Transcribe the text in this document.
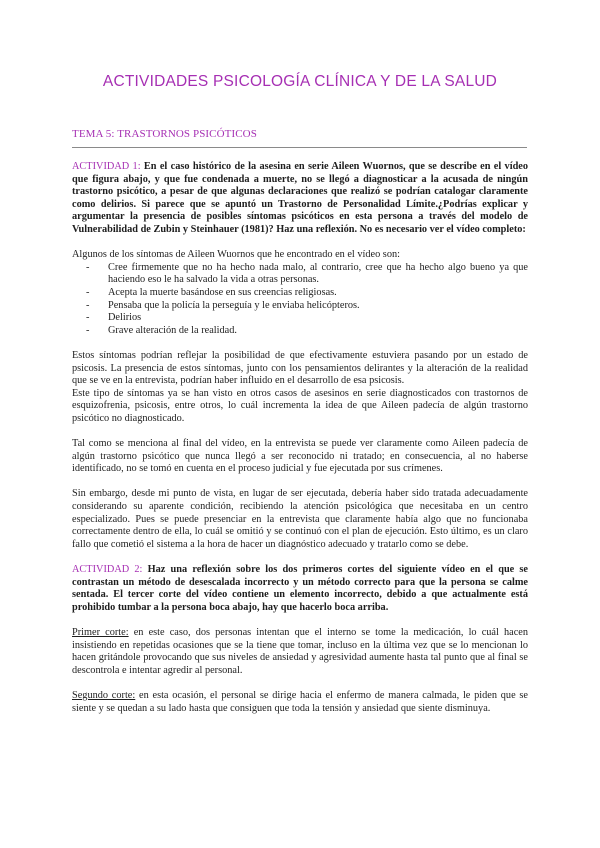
ACTIVIDADES PSICOLOGÍA CLÍNICA Y DE LA SALUD
TEMA 5: TRASTORNOS PSICÓTICOS

ACTIVIDAD 1: En el caso histórico de la asesina en serie Aileen Wuornos, que se describe en el vídeo que figura abajo, y que fue condenada a muerte, no se llegó a diagnosticar a la acusada de ningún trastorno psicótico, a pesar de que algunas declaraciones que realizó se podrían catalogar claramente como delirios. Si parece que se apuntó un Trastorno de Personalidad Límite.¿Podrías explicar y argumentar la presencia de posibles síntomas psicóticos en esta persona a través del modelo de Vulnerabilidad de Zubin y Steinhauer (1981)? Haz una reflexión. No es necesario ver el vídeo completo:

Algunos de los síntomas de Aileen Wuornos que he encontrado en el vídeo son:

- Cree firmemente que no ha hecho nada malo, al contrario, cree que ha hecho algo bueno ya que haciendo eso le ha salvado la vida a otras personas.
- Acepta la muerte basándose en sus creencias religiosas.
- Pensaba que la policía la perseguía y le enviaba helicópteros.
- Delirios
- Grave alteración de la realidad.

Estos síntomas podrían reflejar la posibilidad de que efectivamente estuviera pasando por un estado de psicosis. La presencia de estos síntomas, junto con los pensamientos delirantes y la alteración de la realidad que se ve en la entrevista, podrían haber influido en el desarrollo de esa psicosis.

Este tipo de síntomas ya se han visto en otros casos de asesinos en serie diagnosticados con trastornos de esquizofrenia, psicosis, entre otros, lo cuál incrementa la idea de que Aileen padecía de algún trastorno psicótico no diagnosticado.

Tal como se menciona al final del vídeo, en la entrevista se puede ver claramente como Aileen padecía de algún trastorno psicótico que nunca llegó a ser reconocido ni tratado; en consecuencia, al no haberse identificado, no se tomó en cuenta en el proceso judicial y fue ejecutada por sus crímenes.

Sin embargo, desde mi punto de vista, en lugar de ser ejecutada, debería haber sido tratada adecuadamente considerando su aparente condición, recibiendo la atención psicológica que necesitaba en un centro especializado. Pues se puede presenciar en la entrevista que claramente había algo que no funcionaba correctamente dentro de ella, lo cuál se omitió y se continuó con el plan de ejecución. Esto último, es un claro fallo que cometió el sistema a la hora de hacer un diagnóstico adecuado y tratarlo como se debe.

ACTIVIDAD 2: Haz una reflexión sobre los dos primeros cortes del siguiente vídeo en el que se contrastan un método de desescalada incorrecto y un método correcto para que la persona se calme sentada. El tercer corte del vídeo contiene un elemento incorrecto, debido a que actualmente está prohibido tumbar a la persona boca abajo, hay que hacerlo boca arriba.

Primer corte: en este caso, dos personas intentan que el interno se tome la medicación, lo cuál hacen insistiendo en repetidas ocasiones que se la tiene que tomar, incluso en la última vez que se lo mencionan lo hacen gritándole provocando que sus niveles de ansiedad y agresividad aumente hasta tal punto que al final se descontrola e intentar agredir al personal.

Segundo corte: en esta ocasión, el personal se dirige hacia el enfermo de manera calmada, le piden que se siente y se quedan a su lado hasta que consiguen que toda la tensión y ansiedad que siente disminuya.
